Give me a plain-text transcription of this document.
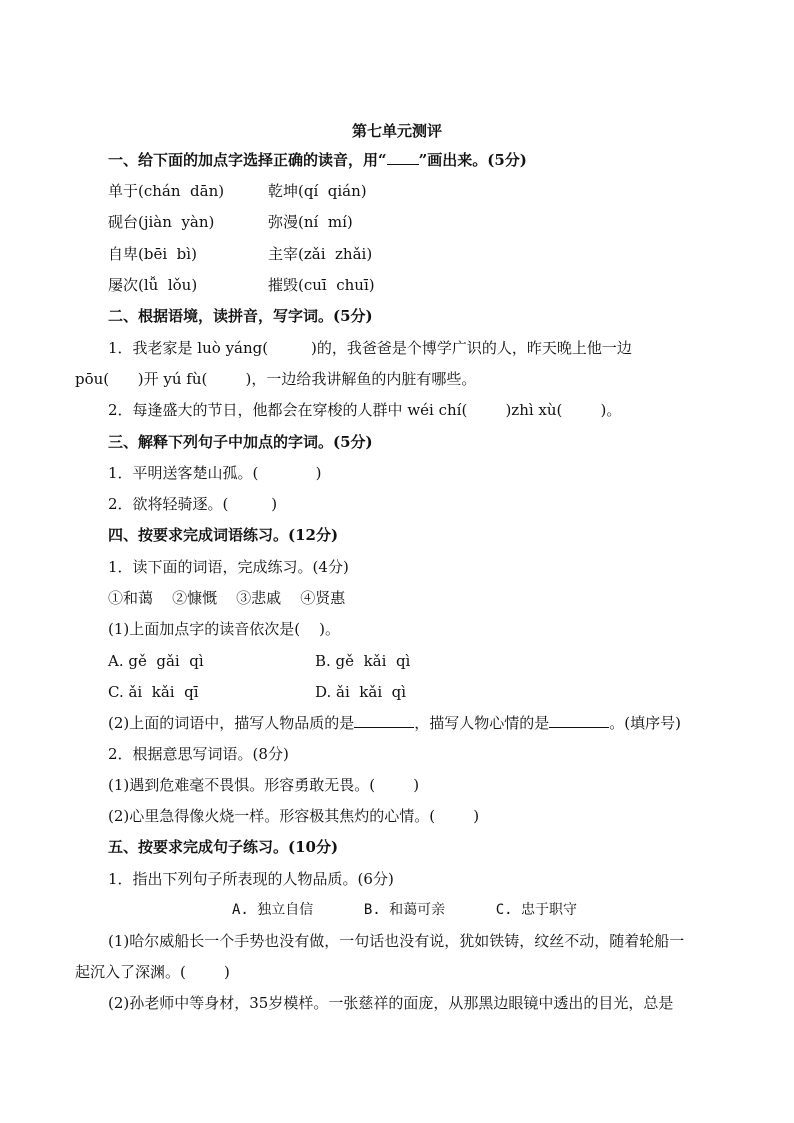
第七单元测评
一、给下面的加点字选择正确的读音，用“ ”画出来。(5分)
单于(chán  dān)	乾坤(qí  qián)
砚台(jiàn  yàn)	弥漫(ní  mí)
自卑(bēi  bì)	主宰(zǎi  zhǎi)
屡次(lǚ  lǒu)	摧毁(cuī  chuī)
二、根据语境，读拼音，写字词。(5分)
1．我老家是 luò yáng(         )的，我爸爸是个博学广识的人，昨天晚上他一边
pōu(      )开 yú fù(        )，一边给我讲解鱼的内脏有哪些。
2．每逢盛大的节日，他都会在穿梭的人群中 wéi chí(        )zhì xù(        )。
三、解释下列句子中加点的字词。(5分)
1．平明送客楚山孤。(            )
2．欲将轻骑逐。(         )
四、按要求完成词语练习。(12分)
1．读下面的词语，完成练习。(4分)
①和蔼    ②慷慨    ③悲戚    ④贤惠
(1)上面加点字的读音依次是(    )。
A. gě  gǎi  qì	B. gě  kǎi  qì
C. ǎi  kǎi  qī	D. ǎi  kǎi  qì
(2)上面的词语中，描写人物品质的是	，描写人物心情的是	。(填序号)
2．根据意思写词语。(8分)
(1)遇到危难毫不畏惧。形容勇敢无畏。(        )
(2)心里急得像火烧一样。形容极其焦灼的心情。(        )
五、按要求完成句子练习。(10分)
1．指出下列句子所表现的人物品质。(6分)
A. 独立自信      B. 和蔼可亲      C. 忠于职守
(1)哈尔威船长一个手势也没有做，一句话也没有说，犹如铁铸，纹丝不动，随着轮船一
起沉入了深渊。(        )
(2)孙老师中等身材，35岁模样。一张慈祥的面庞，从那黑边眼镜中透出的目光，总是
